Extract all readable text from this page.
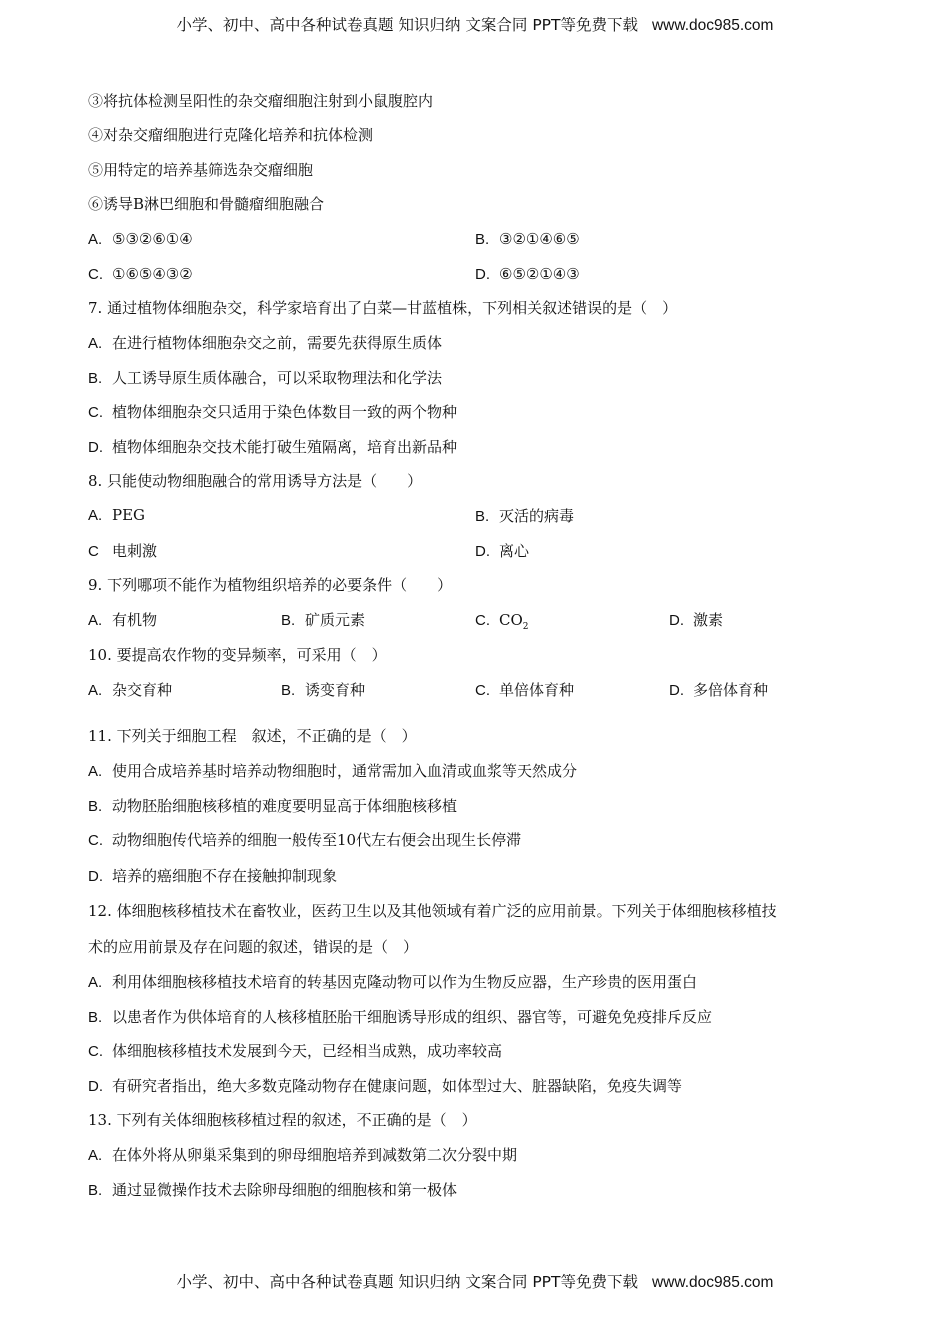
小学、初中、高中各种试卷真题 知识归纳 文案合同 PPT等免费下载 www.doc985.com
③将抗体检测呈阳性的杂交瘤细胞注射到小鼠腹腔内
④对杂交瘤细胞进行克隆化培养和抗体检测
⑤用特定的培养基筛选杂交瘤细胞
⑥诱导B淋巴细胞和骨髓瘤细胞融合
A. ⑤③②⑥①④	B. ③②①④⑥⑤
C. ①⑥⑤④③②	D. ⑥⑤②①④③
7. 通过植物体细胞杂交，科学家培育出了白菜—甘蓝植株，下列相关叙述错误的是（　）
A. 在进行植物体细胞杂交之前，需要先获得原生质体
B. 人工诱导原生质体融合，可以采取物理法和化学法
C. 植物体细胞杂交只适用于染色体数目一致的两个物种
D. 植物体细胞杂交技术能打破生殖隔离，培育出新品种
8. 只能使动物细胞融合的常用诱导方法是（　　）
A. PEG	B. 灭活的病毒
C 电刺激	D. 离心
9. 下列哪项不能作为植物组织培养的必要条件（　　）
A. 有机物	B. 矿质元素	C. $CO_2$	D. 激素
10. 要提高农作物的变异频率，可采用（　）
A. 杂交育种	B. 诱变育种	C. 单倍体育种	D. 多倍体育种
11. 下列关于细胞工程　叙述，不正确的是（　）
A. 使用合成培养基时培养动物细胞时，通常需加入血清或血浆等天然成分
B. 动物胚胎细胞核移植的难度要明显高于体细胞核移植
C. 动物细胞传代培养的细胞一般传至10代左右便会出现生长停滞
D. 培养的癌细胞不存在接触抑制现象
12. 体细胞核移植技术在畜牧业，医药卫生以及其他领域有着广泛的应用前景。下列关于体细胞核移植技
术的应用前景及存在问题的叙述，错误的是（　）
A. 利用体细胞核移植技术培育的转基因克隆动物可以作为生物反应器，生产珍贵的医用蛋白
B. 以患者作为供体培育的人核移植胚胎干细胞诱导形成的组织、器官等，可避免免疫排斥反应
C. 体细胞核移植技术发展到今天，已经相当成熟，成功率较高
D. 有研究者指出，绝大多数克隆动物存在健康问题，如体型过大、脏器缺陷，免疫失调等
13. 下列有关体细胞核移植过程的叙述，不正确的是（　）
A. 在体外将从卵巢采集到的卵母细胞培养到减数第二次分裂中期
B. 通过显微操作技术去除卵母细胞的细胞核和第一极体
小学、初中、高中各种试卷真题 知识归纳 文案合同 PPT等免费下载 www.doc985.com
